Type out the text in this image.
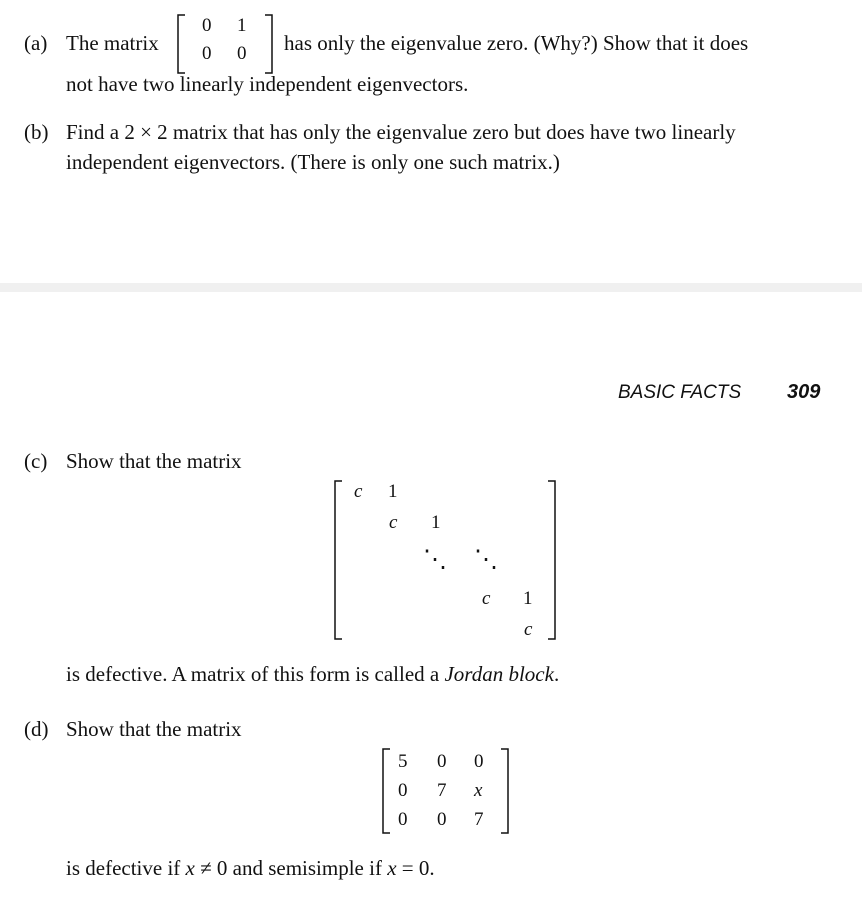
(a) The matrix
0 1
0 0 has only the eigenvalue zero. (Why?) Show that it does
not have two linearly independent eigenvectors.
(b) Find a 2 × 2 matrix that has only the eigenvalue zero but does have two linearly
independent eigenvectors. (There is only one such matrix.)
BASIC FACTS 309
(c) Show that the matrix
c 1
c 1
⋱ ⋱
c 1
c
is defective. A matrix of this form is called a Jordan block.
(d) Show that the matrix
5 0 0
0 7 x
0 0 7
is defective if x ≠ 0 and semisimple if x = 0.
